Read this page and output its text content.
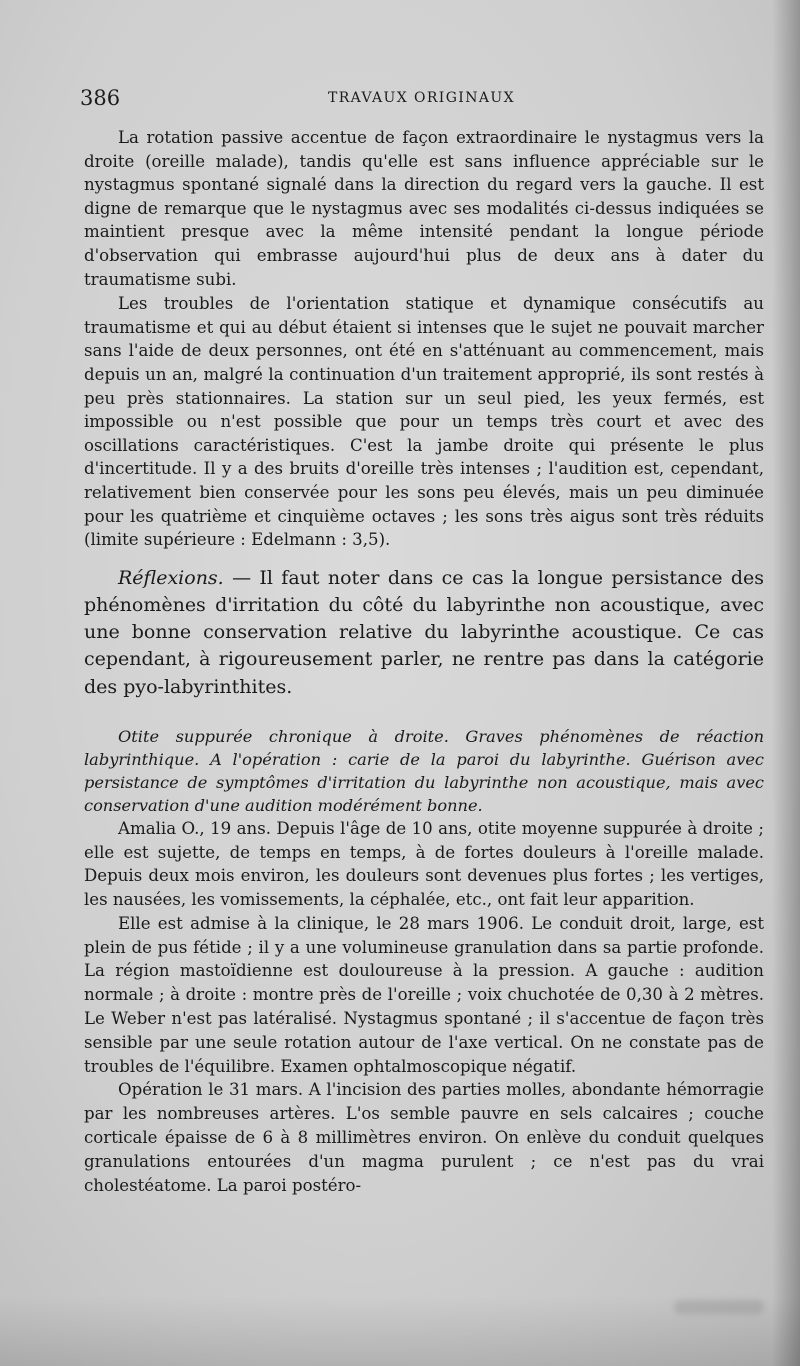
386	TRAVAUX ORIGINAUX

La rotation passive accentue de façon extraordinaire le nystagmus vers la droite (oreille malade), tandis qu'elle est sans influence appréciable sur le nystagmus spontané signalé dans la direction du regard vers la gauche. Il est digne de remarque que le nystagmus avec ses modalités ci-dessus indiquées se maintient presque avec la même intensité pendant la longue période d'observation qui embrasse aujourd'hui plus de deux ans à dater du traumatisme subi.

Les troubles de l'orientation statique et dynamique consécutifs au traumatisme et qui au début étaient si intenses que le sujet ne pouvait marcher sans l'aide de deux personnes, ont été en s'atténuant au commencement, mais depuis un an, malgré la continuation d'un traitement approprié, ils sont restés à peu près stationnaires. La station sur un seul pied, les yeux fermés, est impossible ou n'est possible que pour un temps très court et avec des oscillations caractéristiques. C'est la jambe droite qui présente le plus d'incertitude. Il y a des bruits d'oreille très intenses ; l'audition est, cependant, relativement bien conservée pour les sons peu élevés, mais un peu diminuée pour les quatrième et cinquième octaves ; les sons très aigus sont très réduits (limite supérieure : Edelmann : 3,5).

Réflexions. — Il faut noter dans ce cas la longue persistance des phénomènes d'irritation du côté du labyrinthe non acoustique, avec une bonne conservation relative du labyrinthe acoustique. Ce cas cependant, à rigoureusement parler, ne rentre pas dans la catégorie des pyo-labyrinthites.

Otite suppurée chronique à droite. Graves phénomènes de réaction labyrinthique. A l'opération : carie de la paroi du labyrinthe. Guérison avec persistance de symptômes d'irritation du labyrinthe non acoustique, mais avec conservation d'une audition modérément bonne.

Amalia O., 19 ans. Depuis l'âge de 10 ans, otite moyenne suppurée à droite ; elle est sujette, de temps en temps, à de fortes douleurs à l'oreille malade. Depuis deux mois environ, les douleurs sont devenues plus fortes ; les vertiges, les nausées, les vomissements, la céphalée, etc., ont fait leur apparition.

Elle est admise à la clinique, le 28 mars 1906. Le conduit droit, large, est plein de pus fétide ; il y a une volumineuse granulation dans sa partie profonde. La région mastoïdienne est douloureuse à la pression. A gauche : audition normale ; à droite : montre près de l'oreille ; voix chuchotée de 0,30 à 2 mètres. Le Weber n'est pas latéralisé. Nystagmus spontané ; il s'accentue de façon très sensible par une seule rotation autour de l'axe vertical. On ne constate pas de troubles de l'équilibre. Examen ophtalmoscopique négatif.

Opération le 31 mars. A l'incision des parties molles, abondante hémorragie par les nombreuses artères. L'os semble pauvre en sels calcaires ; couche corticale épaisse de 6 à 8 millimètres environ. On enlève du conduit quelques granulations entourées d'un magma purulent ; ce n'est pas du vrai cholestéatome. La paroi postéro-
